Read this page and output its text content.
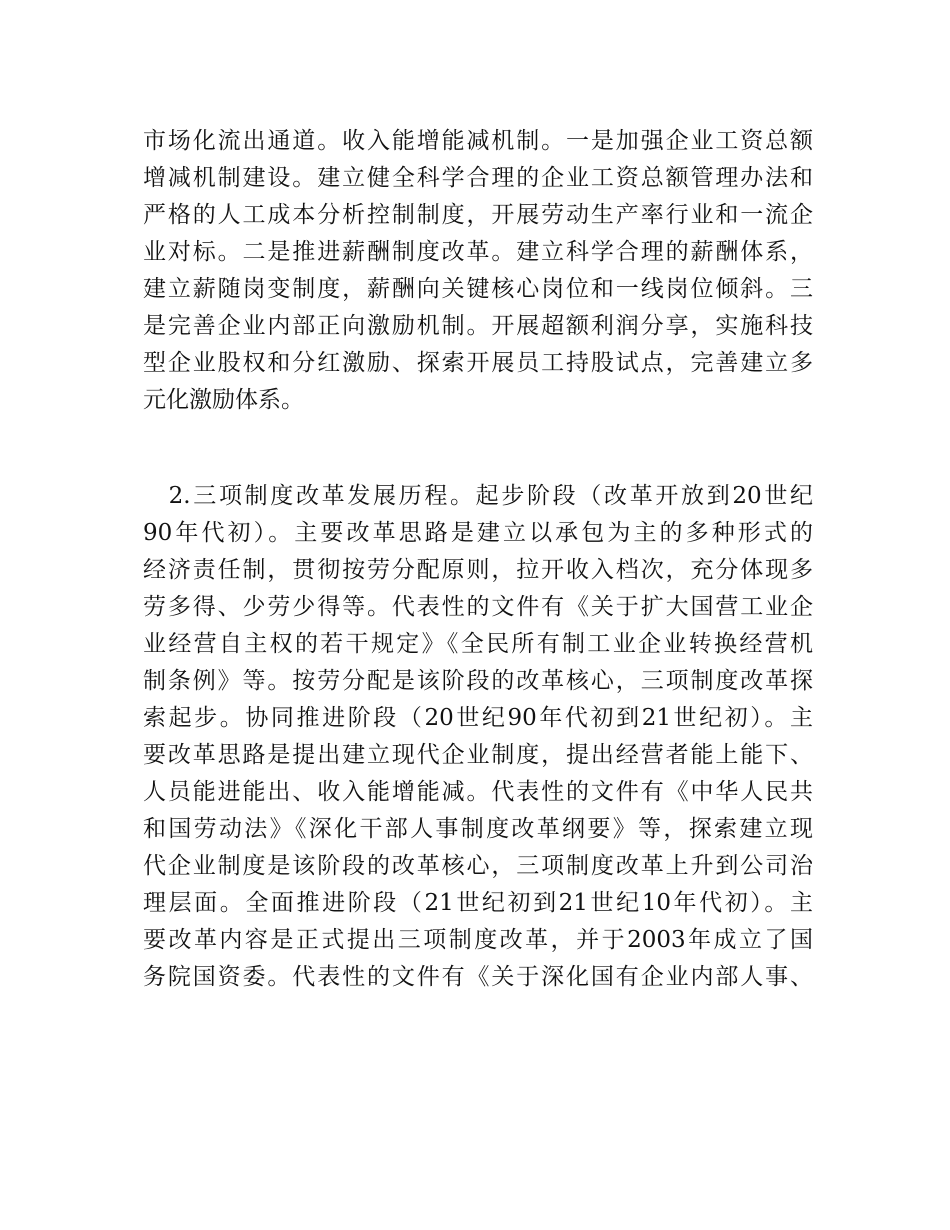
市场化流出通道。收入能增能减机制。一是加强企业工资总额
增减机制建设。建立健全科学合理的企业工资总额管理办法和
严格的人工成本分析控制制度，开展劳动生产率行业和一流企
业对标。二是推进薪酬制度改革。建立科学合理的薪酬体系，
建立薪随岗变制度，薪酬向关键核心岗位和一线岗位倾斜。三
是完善企业内部正向激励机制。开展超额利润分享，实施科技
型企业股权和分红激励、探索开展员工持股试点，完善建立多
元化激励体系。
　2.三项制度改革发展历程。起步阶段（改革开放到20世纪
90年代初）。主要改革思路是建立以承包为主的多种形式的
经济责任制，贯彻按劳分配原则，拉开收入档次，充分体现多
劳多得、少劳少得等。代表性的文件有《关于扩大国营工业企
业经营自主权的若干规定》《全民所有制工业企业转换经营机
制条例》等。按劳分配是该阶段的改革核心，三项制度改革探
索起步。协同推进阶段（20世纪90年代初到21世纪初）。主
要改革思路是提出建立现代企业制度，提出经营者能上能下、
人员能进能出、收入能增能减。代表性的文件有《中华人民共
和国劳动法》《深化干部人事制度改革纲要》等，探索建立现
代企业制度是该阶段的改革核心，三项制度改革上升到公司治
理层面。全面推进阶段（21世纪初到21世纪10年代初）。主
要改革内容是正式提出三项制度改革，并于2003年成立了国
务院国资委。代表性的文件有《关于深化国有企业内部人事、
